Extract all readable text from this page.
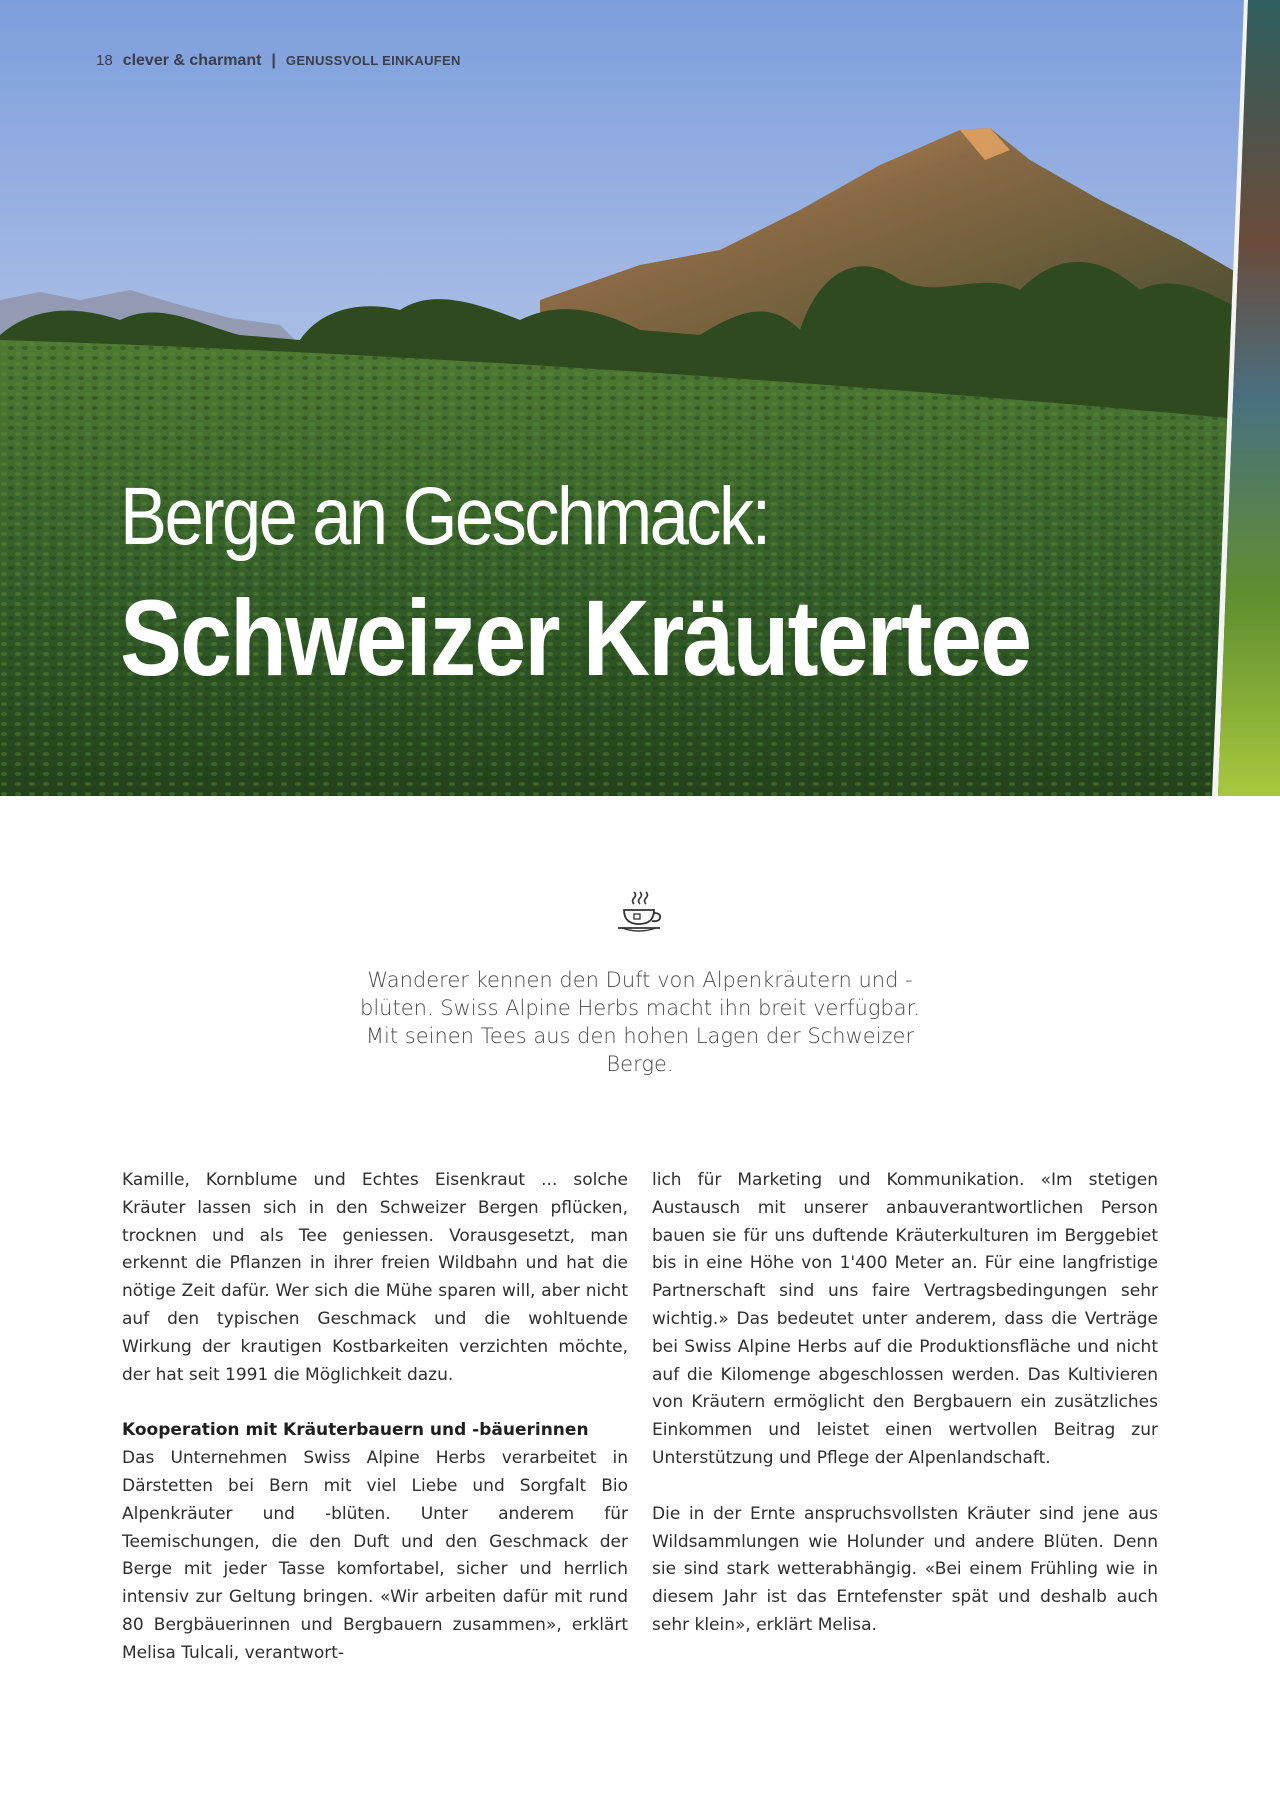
18 clever & charmant | GENUSSVOLL EINKAUFEN
Berge an Geschmack:
Schweizer Kräutertee
Wanderer kennen den Duft von Alpenkräutern und -blüten. Swiss Alpine Herbs macht ihn breit verfügbar. Mit seinen Tees aus den hohen Lagen der Schweizer Berge.

Kamille, Kornblume und Echtes Eisenkraut ... solche Kräuter lassen sich in den Schweizer Bergen pflücken, trocknen und als Tee geniessen. Vorausgesetzt, man erkennt die Pflanzen in ihrer freien Wildbahn und hat die nötige Zeit dafür. Wer sich die Mühe sparen will, aber nicht auf den typischen Geschmack und die wohltuende Wirkung der krautigen Kostbarkeiten verzichten möchte, der hat seit 1991 die Möglichkeit dazu.

Kooperation mit Kräuterbauern und -bäuerinnen

Das Unternehmen Swiss Alpine Herbs verarbeitet in Därstetten bei Bern mit viel Liebe und Sorgfalt Bio Alpenkräuter und -blüten. Unter anderem für Teemischungen, die den Duft und den Geschmack der Berge mit jeder Tasse komfortabel, sicher und herrlich intensiv zur Geltung bringen. «Wir arbeiten dafür mit rund 80 Bergbäuerinnen und Bergbauern zusammen», erklärt Melisa Tulcali, verantwort-

lich für Marketing und Kommunikation. «Im stetigen Austausch mit unserer anbauverantwortlichen Person bauen sie für uns duftende Kräuterkulturen im Berggebiet bis in eine Höhe von 1'400 Meter an. Für eine langfristige Partnerschaft sind uns faire Vertragsbedingungen sehr wichtig.» Das bedeutet unter anderem, dass die Verträge bei Swiss Alpine Herbs auf die Produktionsfläche und nicht auf die Kilomenge abgeschlossen werden. Das Kultivieren von Kräutern ermöglicht den Bergbauern ein zusätzliches Einkommen und leistet einen wertvollen Beitrag zur Unterstützung und Pflege der Alpenlandschaft.

Die in der Ernte anspruchsvollsten Kräuter sind jene aus Wildsammlungen wie Holunder und andere Blüten. Denn sie sind stark wetterabhängig. «Bei einem Frühling wie in diesem Jahr ist das Erntefenster spät und deshalb auch sehr klein», erklärt Melisa.
